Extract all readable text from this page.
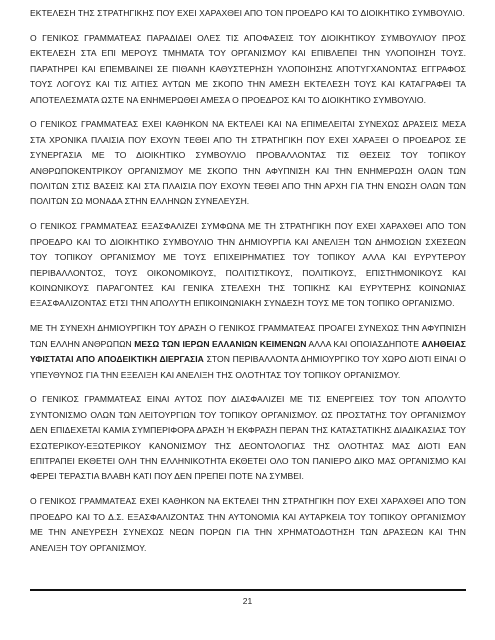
ΕΚΤΕΛΕΣΗ ΤΗΣ ΣΤΡΑΤΗΓΙΚΗΣ ΠΟΥ ΕΧΕΙ ΧΑΡΑΧΘΕΙ ΑΠΟ ΤΟΝ ΠΡΟΕΔΡΟ ΚΑΙ ΤΟ ΔΙΟΙΚΗΤΙΚΟ ΣΥΜΒΟΥΛΙΟ.

Ο ΓΕΝΙΚΟΣ ΓΡΑΜΜΑΤΕΑΣ ΠΑΡΑΔΙΔΕΙ ΟΛΕΣ ΤΙΣ ΑΠΟΦΑΣΕΙΣ ΤΟΥ ΔΙΟΙΚΗΤΙΚΟΥ ΣΥΜΒΟΥΛΙΟΥ ΠΡΟΣ ΕΚΤΕΛΕΣΗ ΣΤΑ ΕΠΙ ΜΕΡΟΥΣ ΤΜΗΜΑΤΑ ΤΟΥ ΟΡΓΑΝΙΣΜΟΥ ΚΑΙ ΕΠΙΒΛΕΠΕΙ ΤΗΝ ΥΛΟΠΟΙΗΣΗ ΤΟΥΣ. ΠΑΡΑΤΗΡΕΙ ΚΑΙ ΕΠΕΜΒΑΙΝΕΙ ΣΕ ΠΙΘΑΝΗ ΚΑΘΥΣΤΕΡΗΣΗ ΥΛΟΠΟΙΗΣΗΣ ΑΠΟΤΥΓΧΑΝΟΝΤΑΣ ΕΓΓΡΑΦΟΣ ΤΟΥΣ ΛΟΓΟΥΣ ΚΑΙ ΤΙΣ ΑΙΤΙΕΣ ΑΥΤΩΝ ΜΕ ΣΚΟΠΟ ΤΗΝ ΑΜΕΣΗ ΕΚΤΕΛΕΣΗ ΤΟΥΣ ΚΑΙ ΚΑΤΑΓΡΑΦΕΙ ΤΑ ΑΠΟΤΕΛΕΣΜΑΤΑ ΩΣΤΕ ΝΑ ΕΝΗΜΕΡΩΘΕΙ ΑΜΕΣΑ Ο ΠΡΟΕΔΡΟΣ ΚΑΙ ΤΟ ΔΙΟΙΚΗΤΙΚΟ ΣΥΜΒΟΥΛΙΟ.

Ο ΓΕΝΙΚΟΣ ΓΡΑΜΜΑΤΕΑΣ ΕΧΕΙ ΚΑΘΗΚΟΝ ΝΑ ΕΚΤΕΛΕΙ ΚΑΙ ΝΑ ΕΠΙΜΕΛΕΙΤΑΙ ΣΥΝΕΧΩΣ ΔΡΑΣΕΙΣ ΜΕΣΑ ΣΤΑ ΧΡΟΝΙΚΑ ΠΛΑΙΣΙΑ ΠΟΥ ΕΧΟΥΝ ΤΕΘΕΙ ΑΠΟ ΤΗ ΣΤΡΑΤΗΓΙΚΗ ΠΟΥ ΕΧΕΙ ΧΑΡΑΞΕΙ Ο ΠΡΟΕΔΡΟΣ ΣΕ ΣΥΝΕΡΓΑΣΙΑ ΜΕ ΤΟ ΔΙΟΙΚΗΤΙΚΟ ΣΥΜΒΟΥΛΙΟ ΠΡΟΒΑΛΛΟΝΤΑΣ ΤΙΣ ΘΕΣΕΙΣ ΤΟΥ ΤΟΠΙΚΟΥ ΑΝΘΡΩΠΟΚΕΝΤΡΙΚΟΥ ΟΡΓΑΝΙΣΜΟΥ ΜΕ ΣΚΟΠΟ ΤΗΝ ΑΦΥΠΝΙΣΗ ΚΑΙ ΤΗΝ ΕΝΗΜΕΡΩΣΗ ΟΛΩΝ ΤΩΝ ΠΟΛΙΤΩΝ ΣΤΙΣ ΒΑΣΕΙΣ ΚΑΙ ΣΤΑ ΠΛΑΙΣΙΑ ΠΟΥ ΕΧΟΥΝ ΤΕΘΕΙ ΑΠΟ ΤΗΝ ΑΡΧΗ ΓΙΑ ΤΗΝ ΕΝΩΣΗ ΟΛΩΝ ΤΩΝ ΠΟΛΙΤΩΝ ΣΩ ΜΟΝΑΔΑ ΣΤΗΝ ΕΛΛΗΝΩΝ ΣΥΝΕΛΕΥΣΗ.

Ο ΓΕΝΙΚΟΣ ΓΡΑΜΜΑΤΕΑΣ ΕΞΑΣΦΑΛΙΖΕΙ ΣΥΜΦΩΝΑ ΜΕ ΤΗ ΣΤΡΑΤΗΓΙΚΗ ΠΟΥ ΕΧΕΙ ΧΑΡΑΧΘΕΙ ΑΠΟ ΤΟΝ ΠΡΟΕΔΡΟ ΚΑΙ ΤΟ ΔΙΟΙΚΗΤΙΚΟ ΣΥΜΒΟΥΛΙΟ ΤΗΝ ΔΗΜΙΟΥΡΓΙΑ ΚΑΙ ΑΝΕΛΙΞΗ ΤΩΝ ΔΗΜΟΣΙΩΝ ΣΧΕΣΕΩΝ ΤΟΥ ΤΟΠΙΚΟΥ ΟΡΓΑΝΙΣΜΟΥ ΜΕ ΤΟΥΣ ΕΠΙΧΕΙΡΗΜΑΤΙΕΣ ΤΟΥ ΤΟΠΙΚΟΥ ΑΛΛΑ ΚΑΙ ΕΥΡΥΤΕΡΟΥ ΠΕΡΙΒΑΛΛΟΝΤΟΣ, ΤΟΥΣ ΟΙΚΟΝΟΜΙΚΟΥΣ, ΠΟΛΙΤΙΣΤΙΚΟΥΣ, ΠΟΛΙΤΙΚΟΥΣ, ΕΠΙΣΤΗΜΟΝΙΚΟΥΣ ΚΑΙ ΚΟΙΝΩΝΙΚΟΥΣ ΠΑΡΑΓΟΝΤΕΣ ΚΑΙ ΓΕΝΙΚΑ ΣΤΕΛΕΧΗ ΤΗΣ ΤΟΠΙΚΗΣ ΚΑΙ ΕΥΡΥΤΕΡΗΣ ΚΟΙΝΩΝΙΑΣ ΕΞΑΣΦΑΛΙΖΟΝΤΑΣ ΕΤΣΙ ΤΗΝ ΑΠΟΛΥΤΗ ΕΠΙΚΟΙΝΩΝΙΑΚΗ ΣΥΝΔΕΣΗ ΤΟΥΣ ΜΕ ΤΟΝ ΤΟΠΙΚΟ ΟΡΓΑΝΙΣΜΟ.

ΜΕ ΤΗ ΣΥΝΕΧΗ ΔΗΜΙΟΥΡΓΙΚΗ ΤΟΥ ΔΡΑΣΗ Ο ΓΕΝΙΚΟΣ ΓΡΑΜΜΑΤΕΑΣ ΠΡΟΑΓΕΙ ΣΥΝΕΧΩΣ ΤΗΝ ΑΦΥΠΝΙΣΗ ΤΩΝ ΕΛΛΗΝ ΑΝΘΡΩΠΩΝ ΜΕΣΩ ΤΩΝ ΙΕΡΩΝ ΕΛΛΑΝΙΩΝ ΚΕΙΜΕΝΩΝ ΑΛΛΑ ΚΑΙ ΟΠΟΙΑΣΔΗΠΟΤΕ ΑΛΗΘΕΙΑΣ ΥΦΙΣΤΑΤΑΙ ΑΠΟ ΑΠΟΔΕΙΚΤΙΚΗ ΔΙΕΡΓΑΣΙΑ ΣΤΟΝ ΠΕΡΙΒΑΛΛΟΝΤΑ ΔΗΜΙΟΥΡΓΙΚΟ ΤΟΥ ΧΩΡΟ ΔΙΟΤΙ ΕΙΝΑΙ Ο ΥΠΕΥΘΥΝΟΣ ΓΙΑ ΤΗΝ ΕΞΕΛΙΞΗ ΚΑΙ ΑΝΕΛΙΞΗ ΤΗΣ ΟΛΟΤΗΤΑΣ ΤΟΥ ΤΟΠΙΚΟΥ ΟΡΓΑΝΙΣΜΟΥ.

Ο ΓΕΝΙΚΟΣ ΓΡΑΜΜΑΤΕΑΣ ΕΙΝΑΙ ΑΥΤΟΣ ΠΟΥ ΔΙΑΣΦΑΛΙΖΕΙ ΜΕ ΤΙΣ ΕΝΕΡΓΕΙΕΣ ΤΟΥ ΤΟΝ ΑΠΟΛΥΤΟ ΣΥΝΤΟΝΙΣΜΟ ΟΛΩΝ ΤΩΝ ΛΕΙΤΟΥΡΓΙΩΝ ΤΟΥ ΤΟΠΙΚΟΥ ΟΡΓΑΝΙΣΜΟΥ. ΩΣ ΠΡΟΣΤΑΤΗΣ ΤΟΥ ΟΡΓΑΝΙΣΜΟΥ ΔΕΝ ΕΠΙΔΕΧΕΤΑΙ ΚΑΜΙΑ ΣΥΜΠΕΡΙΦΟΡΑ ΔΡΑΣΗ Ή ΕΚΦΡΑΣΗ ΠΕΡΑΝ ΤΗΣ ΚΑΤΑΣΤΑΤΙΚΗΣ ΔΙΑΔΙΚΑΣΙΑΣ ΤΟΥ ΕΣΩΤΕΡΙΚΟΥ-ΕΞΩΤΕΡΙΚΟΥ ΚΑΝΟΝΙΣΜΟΥ ΤΗΣ ΔΕΟΝΤΟΛΟΓΙΑΣ ΤΗΣ ΟΛΟΤΗΤΑΣ ΜΑΣ ΔΙΟΤΙ ΕΑΝ ΕΠΙΤΡΑΠΕΙ ΕΚΘΕΤΕΙ ΟΛΗ ΤΗΝ ΕΛΛΗΝΙΚΟΤΗΤΑ ΕΚΘΕΤΕΙ ΟΛΟ ΤΟΝ ΠΑΝΙΕΡΟ ΔΙΚΟ ΜΑΣ ΟΡΓΑΝΙΣΜΟ ΚΑΙ ΦΕΡΕΙ ΤΕΡΑΣΤΙΑ ΒΛΑΒΗ ΚΑΤΙ ΠΟΥ ΔΕΝ ΠΡΕΠΕΙ ΠΟΤΕ ΝΑ ΣΥΜΒΕΙ.

Ο ΓΕΝΙΚΟΣ ΓΡΑΜΜΑΤΕΑΣ ΕΧΕΙ ΚΑΘΗΚΟΝ ΝΑ ΕΚΤΕΛΕΙ ΤΗΝ ΣΤΡΑΤΗΓΙΚΗ ΠΟΥ ΕΧΕΙ ΧΑΡΑΧΘΕΙ ΑΠΟ ΤΟΝ ΠΡΟΕΔΡΟ ΚΑΙ ΤΟ Δ.Σ. ΕΞΑΣΦΑΛΙΖΟΝΤΑΣ ΤΗΝ ΑΥΤΟΝΟΜΙΑ ΚΑΙ ΑΥΤΑΡΚΕΙΑ ΤΟΥ ΤΟΠΙΚΟΥ ΟΡΓΑΝΙΣΜΟΥ ΜΕ ΤΗΝ ΑΝΕΥΡΕΣΗ ΣΥΝΕΧΩΣ ΝΕΩΝ ΠΟΡΩΝ ΓΙΑ ΤΗΝ ΧΡΗΜΑΤΟΔΟΤΗΣΗ ΤΩΝ ΔΡΑΣΕΩΝ ΚΑΙ ΤΗΝ ΑΝΕΛΙΞΗ ΤΟΥ ΟΡΓΑΝΙΣΜΟΥ.

21
